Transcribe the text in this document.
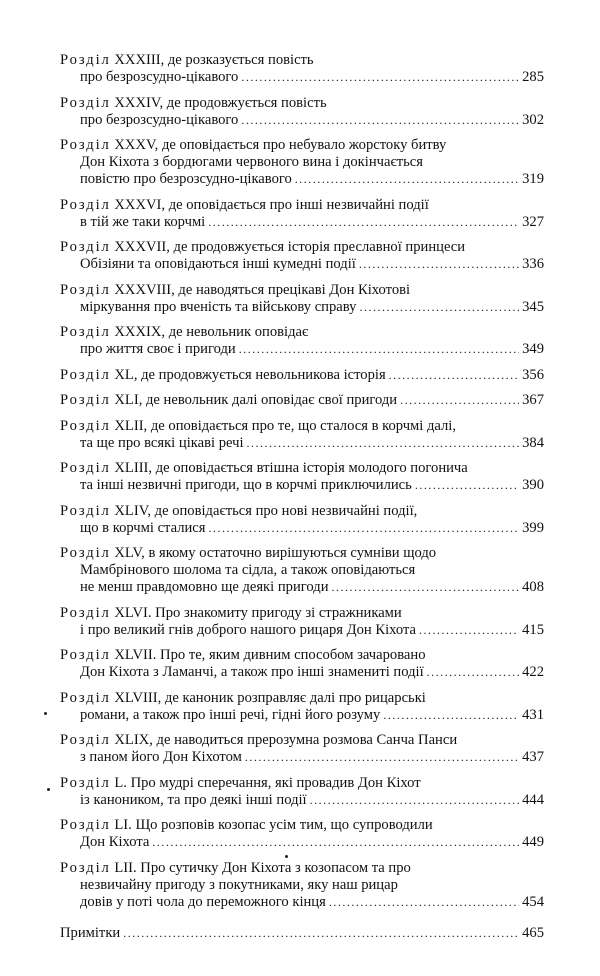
Розділ XXXIII, де розказується повість
про безрозсудно-цікавого .....	285
Розділ XXXIV, де продовжується повість
про безрозсудно-цікавого .....	302
Розділ XXXV, де оповідається про небувало жорстоку битву
Дон Кіхота з бордюгами червоного вина і докінчається
повістю про безрозсудно-цікавого .....	319
Розділ XXXVI, де оповідається про інші незвичайні події
в тій же таки корчмі .....	327
Розділ XXXVII, де продовжується історія преславної принцеси
Обізіяни та оповідаються інші кумедні події .....	336
Розділ XXXVIII, де наводяться прецікаві Дон Кіхотові
міркування про вченість та військову справу .....	345
Розділ XXXIX, де невольник оповідає
про життя своє і пригоди .....	349
Розділ XL, де продовжується невольникова історія .....	356
Розділ XLI, де невольник далі оповідає свої пригоди .....	367
Розділ XLII, де оповідається про те, що сталося в корчмі далі,
та ще про всякі цікаві речі .....	384
Розділ XLIII, де оповідається втішна історія молодого погонича
та інші незвичні пригоди, що в корчмі приключились .....	390
Розділ XLIV, де оповідається про нові незвичайні події,
що в корчмі сталися .....	399
Розділ XLV, в якому остаточно вирішуються сумніви щодо
Мамбрінового шолома та сідла, а також оповідаються
не менш правдомовно ще деякі пригоди .....	408
Розділ XLVI. Про знакомиту пригоду зі стражниками
і про великий гнів доброго нашого рицаря Дон Кіхота .....	415
Розділ XLVII. Про те, яким дивним способом зачаровано
Дон Кіхота з Ламанчі, а також про інші знамениті події .....	422
Розділ XLVIII, де каноник розправляє далі про рицарські
романи, а також про інші речі, гідні його розуму .....	431
Розділ XLIX, де наводиться прерозумна розмова Санча Панси
з паном його Дон Кіхотом .....	437
Розділ L. Про мудрі сперечання, які провадив Дон Кіхот
із каноником, та про деякі інші події .....	444
Розділ LI. Що розповів козопас усім тим, що супроводили
Дон Кіхота .....	449
Розділ LII. Про сутичку Дон Кіхота з козопасом та про
незвичайну пригоду з покутниками, яку наш рицар
довів у поті чола до переможного кінця .....	454
Примітки .....	465
